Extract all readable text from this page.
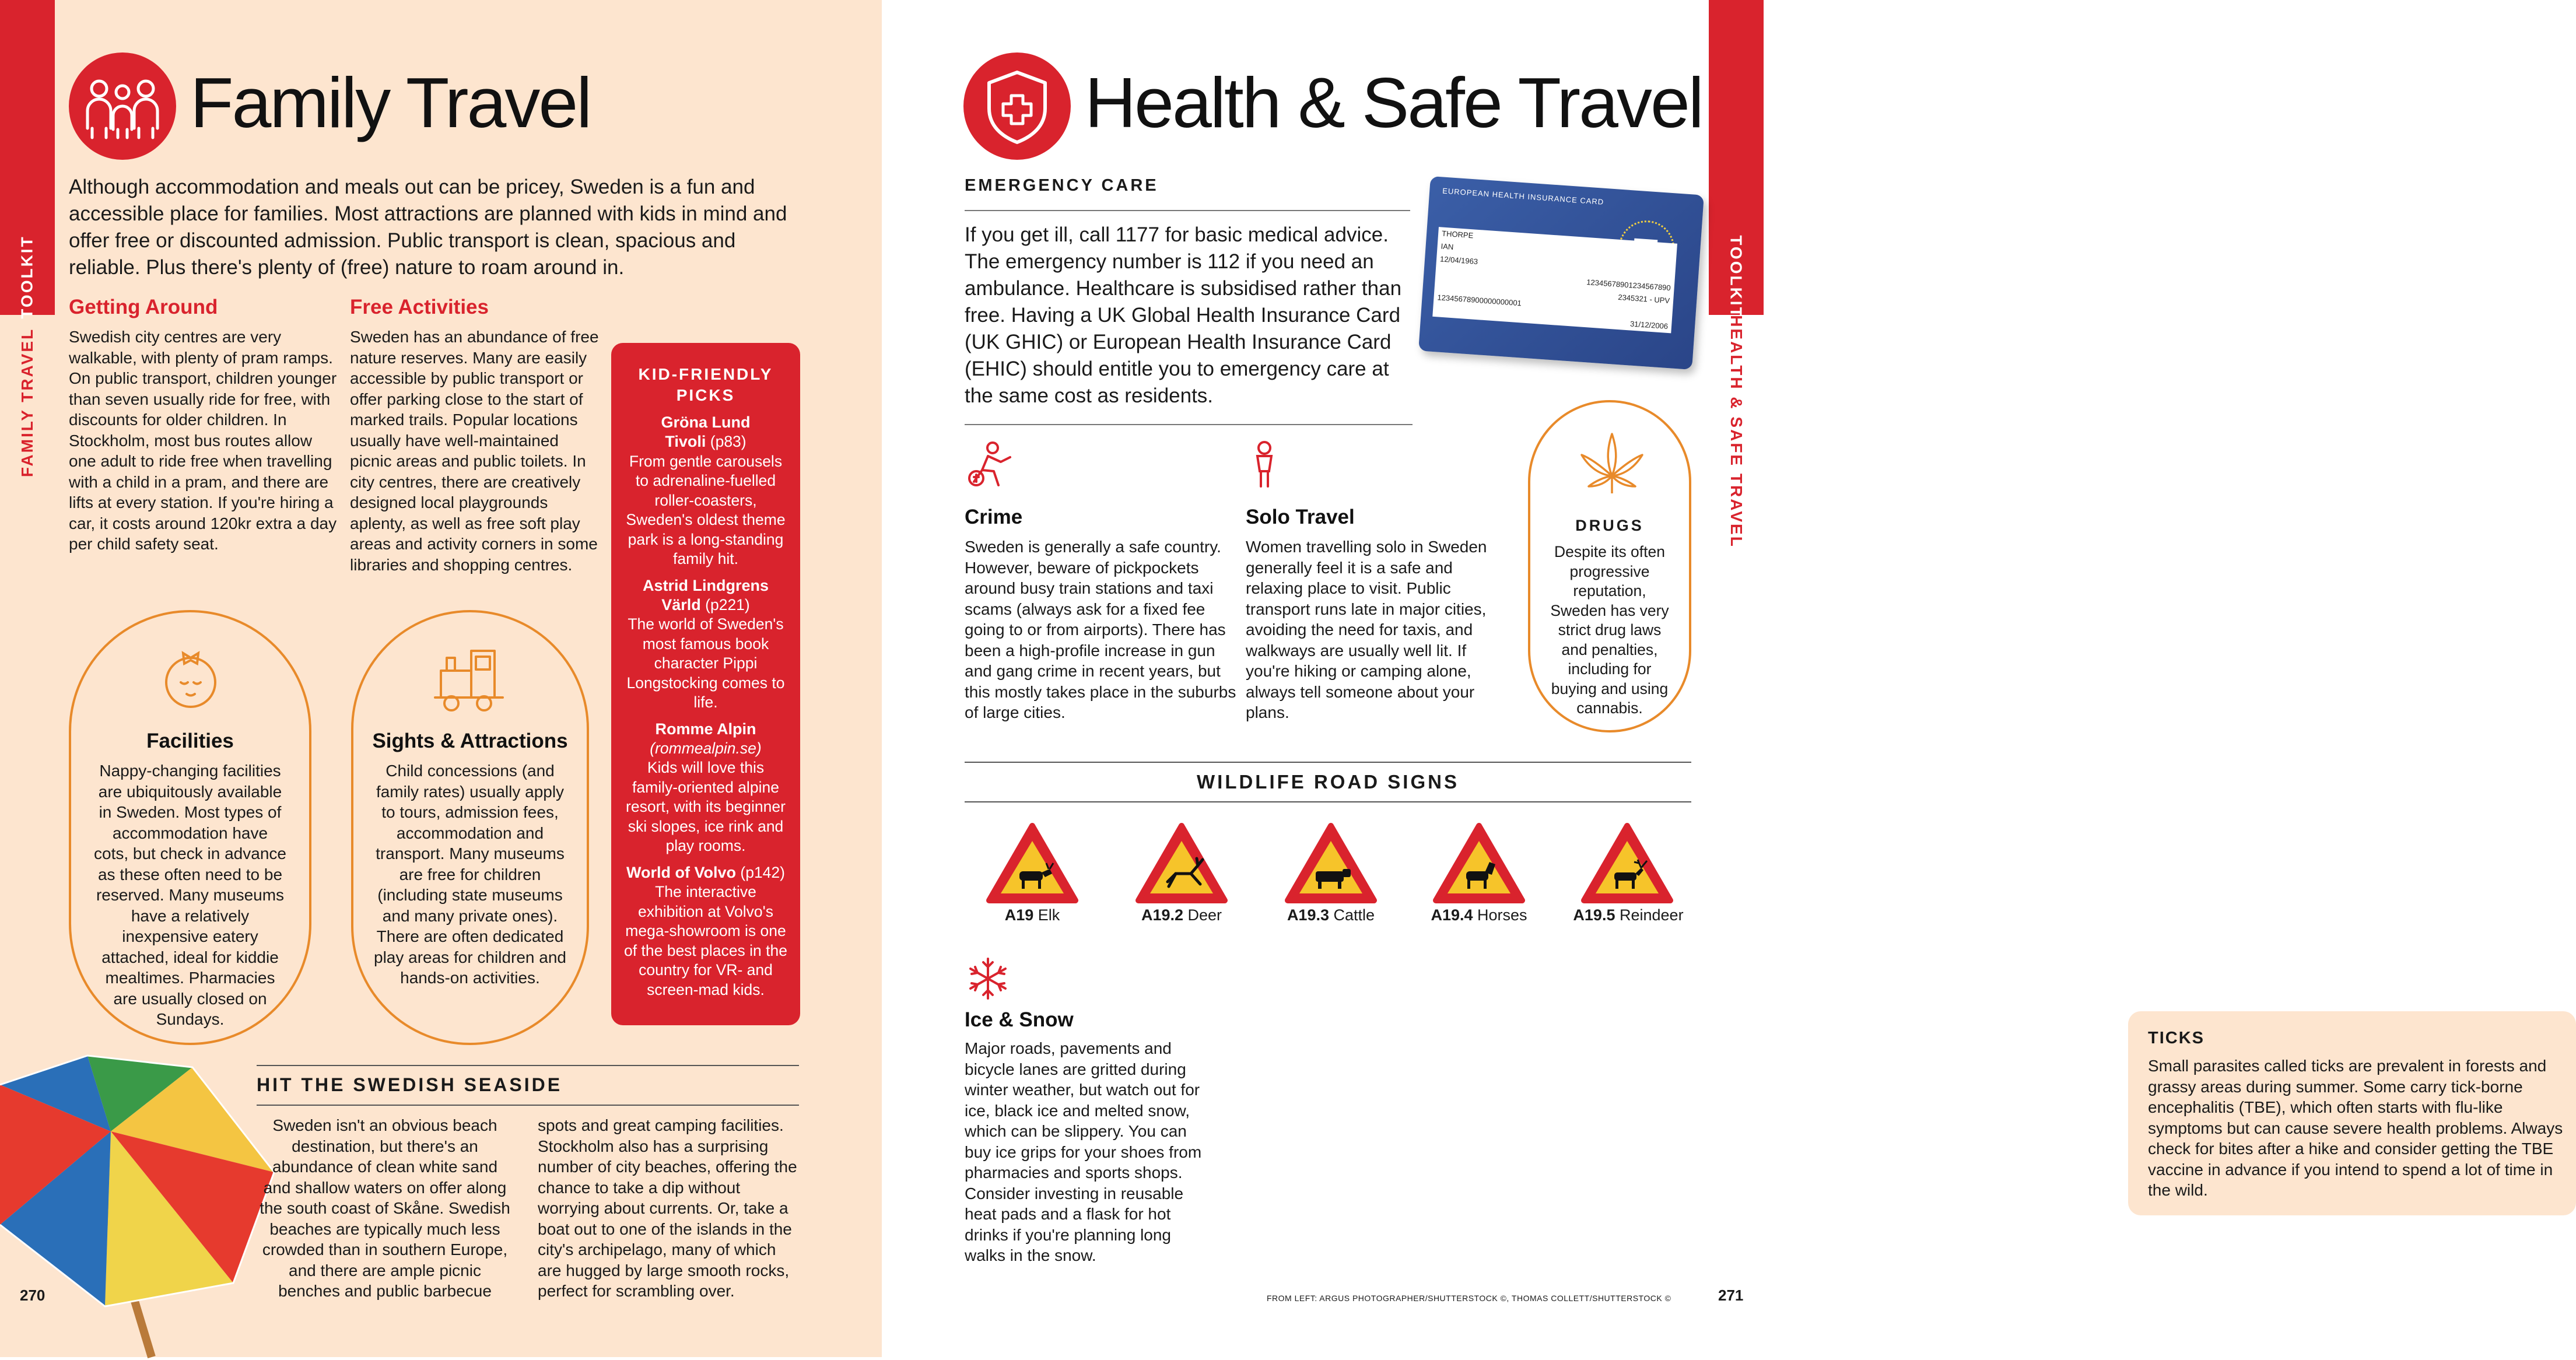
TOOLKIT
FAMILY TRAVEL
Family Travel
Although accommodation and meals out can be pricey, Sweden is a fun and accessible place for families. Most attractions are planned with kids in mind and offer free or discounted admission. Public transport is clean, spacious and reliable. Plus there's plenty of (free) nature to roam around in.
Getting Around
Swedish city centres are very walkable, with plenty of pram ramps. On public transport, children younger than seven usually ride for free, with discounts for older children. In Stockholm, most bus routes allow one adult to ride free when travelling with a child in a pram, and there are lifts at every station. If you're hiring a car, it costs around 120kr extra a day per child safety seat.
Free Activities
Sweden has an abundance of free nature reserves. Many are easily accessible by public transport or offer parking close to the start of marked trails. Popular locations usually have well-maintained picnic areas and public toilets. In city centres, there are creatively designed local playgrounds aplenty, as well as free soft play areas and activity corners in some libraries and shopping centres.
Facilities
Nappy-changing facilities are ubiquitously available in Sweden. Most types of accommodation have cots, but check in advance as these often need to be reserved. Many museums have a relatively inexpensive eatery attached, ideal for kiddie mealtimes. Pharmacies are usually closed on Sundays.
Sights & Attractions
Child concessions (and family rates) usually apply to tours, admission fees, accommodation and transport. Many museums are free for children (including state museums and many private ones). There are often dedicated play areas for children and hands-on activities.
KID-FRIENDLY PICKS
Gröna Lund Tivoli (p83)
From gentle carousels to adrenaline-fuelled roller-coasters, Sweden's oldest theme park is a long-standing family hit.
Astrid Lindgrens Värld (p221)
The world of Sweden's most famous book character Pippi Longstocking comes to life.
Romme Alpin
(rommealpin.se)
Kids will love this family-oriented alpine resort, with its beginner ski slopes, ice rink and play rooms.
World of Volvo (p142)
The interactive exhibition at Volvo's mega-showroom is one of the best places in the country for VR- and screen-mad kids.
HIT THE SWEDISH SEASIDE
Sweden isn't an obvious beach destination, but there's an abundance of clean white sand and shallow waters on offer along the south coast of Skåne. Swedish beaches are typically much less crowded than in southern Europe, and there are ample picnic benches and public barbecue
spots and great camping facilities. Stockholm also has a surprising number of city beaches, offering the chance to take a dip without worrying about currents. Or, take a boat out to one of the islands in the city's archipelago, many of which are hugged by large smooth rocks, perfect for scrambling over.
270
TOOLKIT
HEALTH & SAFE TRAVEL
Health & Safe Travel
EMERGENCY CARE
If you get ill, call 1177 for basic medical advice. The emergency number is 112 if you need an ambulance. Healthcare is subsidised rather than free. Having a UK Global Health Insurance Card (UK GHIC) or European Health Insurance Card (EHIC) should entitle you to emergency care at the same cost as residents.
EUROPEAN HEALTH INSURANCE CARD
THORPE
IAN
12/04/1963
12345678901234567890
2345321 - UPV
12345678900000000001
31/12/2006
Crime
Sweden is generally a safe country. However, beware of pickpockets around busy train stations and taxi scams (always ask for a fixed fee going to or from airports). There has been a high-profile increase in gun and gang crime in recent years, but this mostly takes place in the suburbs of large cities.
Solo Travel
Women travelling solo in Sweden generally feel it is a safe and relaxing place to visit. Public transport runs late in major cities, avoiding the need for taxis, and walkways are usually well lit. If you're hiking or camping alone, always tell someone about your plans.
DRUGS
Despite its often progressive reputation, Sweden has very strict drug laws and penalties, including for buying and using cannabis.
WILDLIFE ROAD SIGNS
A19 Elk	A19.2 Deer	A19.3 Cattle	A19.4 Horses	A19.5 Reindeer
Ice & Snow
Major roads, pavements and bicycle lanes are gritted during winter weather, but watch out for ice, black ice and melted snow, which can be slippery. You can buy ice grips for your shoes from pharmacies and sports shops. Consider investing in reusable heat pads and a flask for hot drinks if you're planning long walks in the snow.
TICKS
Small parasites called ticks are prevalent in forests and grassy areas during summer. Some carry tick-borne encephalitis (TBE), which often starts with flu-like symptoms but can cause severe health problems. Always check for bites after a hike and consider getting the TBE vaccine in advance if you intend to spend a lot of time in the wild.
FROM LEFT: ARGUS PHOTOGRAPHER/SHUTTERSTOCK ©, THOMAS COLLETT/SHUTTERSTOCK ©	271
